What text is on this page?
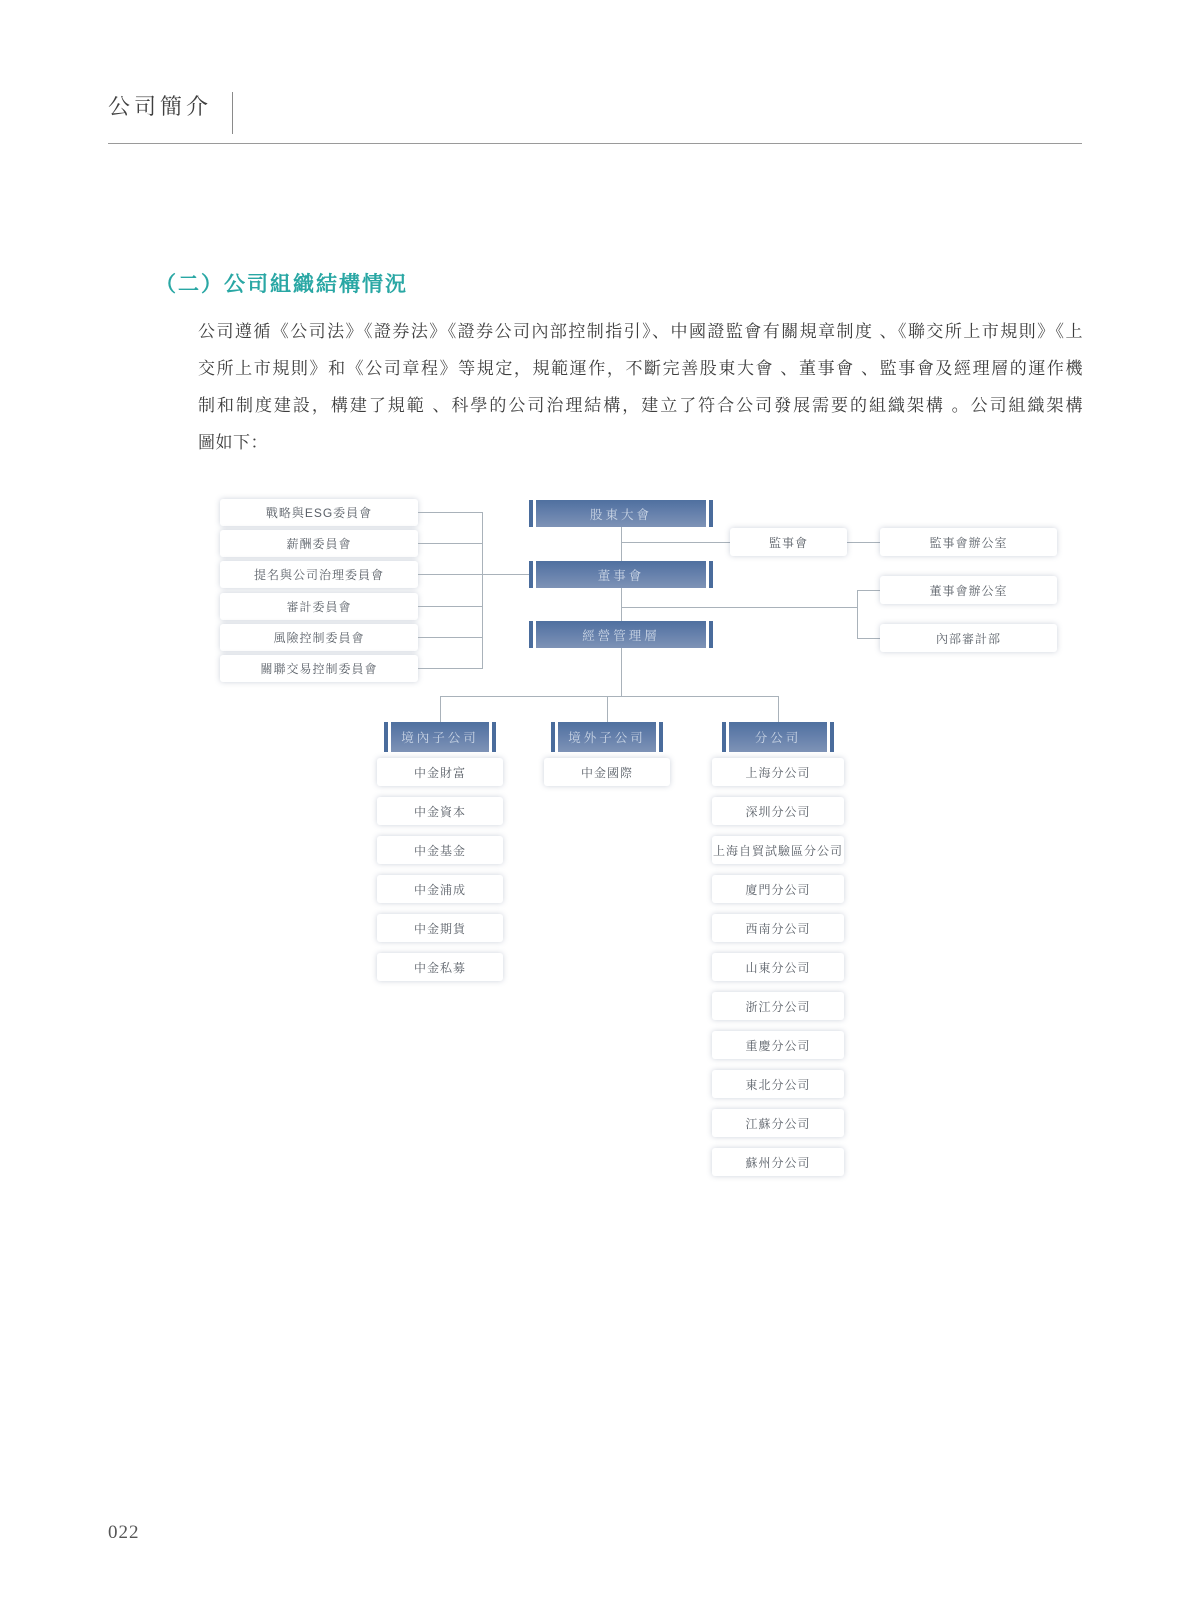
公司簡介
（二）公司組織結構情況
公司遵循《公司法》《證券法》《證券公司內部控制指引》、中國證監會有關規章制度 、《聯交所上市規則》《上
交所上市規則》和《公司章程》等規定，規範運作，不斷完善股東大會 、董事會 、監事會及經理層的運作機
制和制度建設，構建了規範 、科學的公司治理結構，建立了符合公司發展需要的組織架構 。公司組織架構
圖如下：
戰略與ESG委員會
薪酬委員會
提名與公司治理委員會
審計委員會
風險控制委員會
關聯交易控制委員會
股東大會
董事會
經營管理層
監事會	監事會辦公室
董事會辦公室
內部審計部
境內子公司	境外子公司	分公司
中金財富
中金資本
中金基金
中金浦成
中金期貨
中金私募
中金國際	上海分公司
深圳分公司
上海自貿試驗區分公司
廈門分公司
西南分公司
山東分公司
浙江分公司
重慶分公司
東北分公司
江蘇分公司
蘇州分公司
022
